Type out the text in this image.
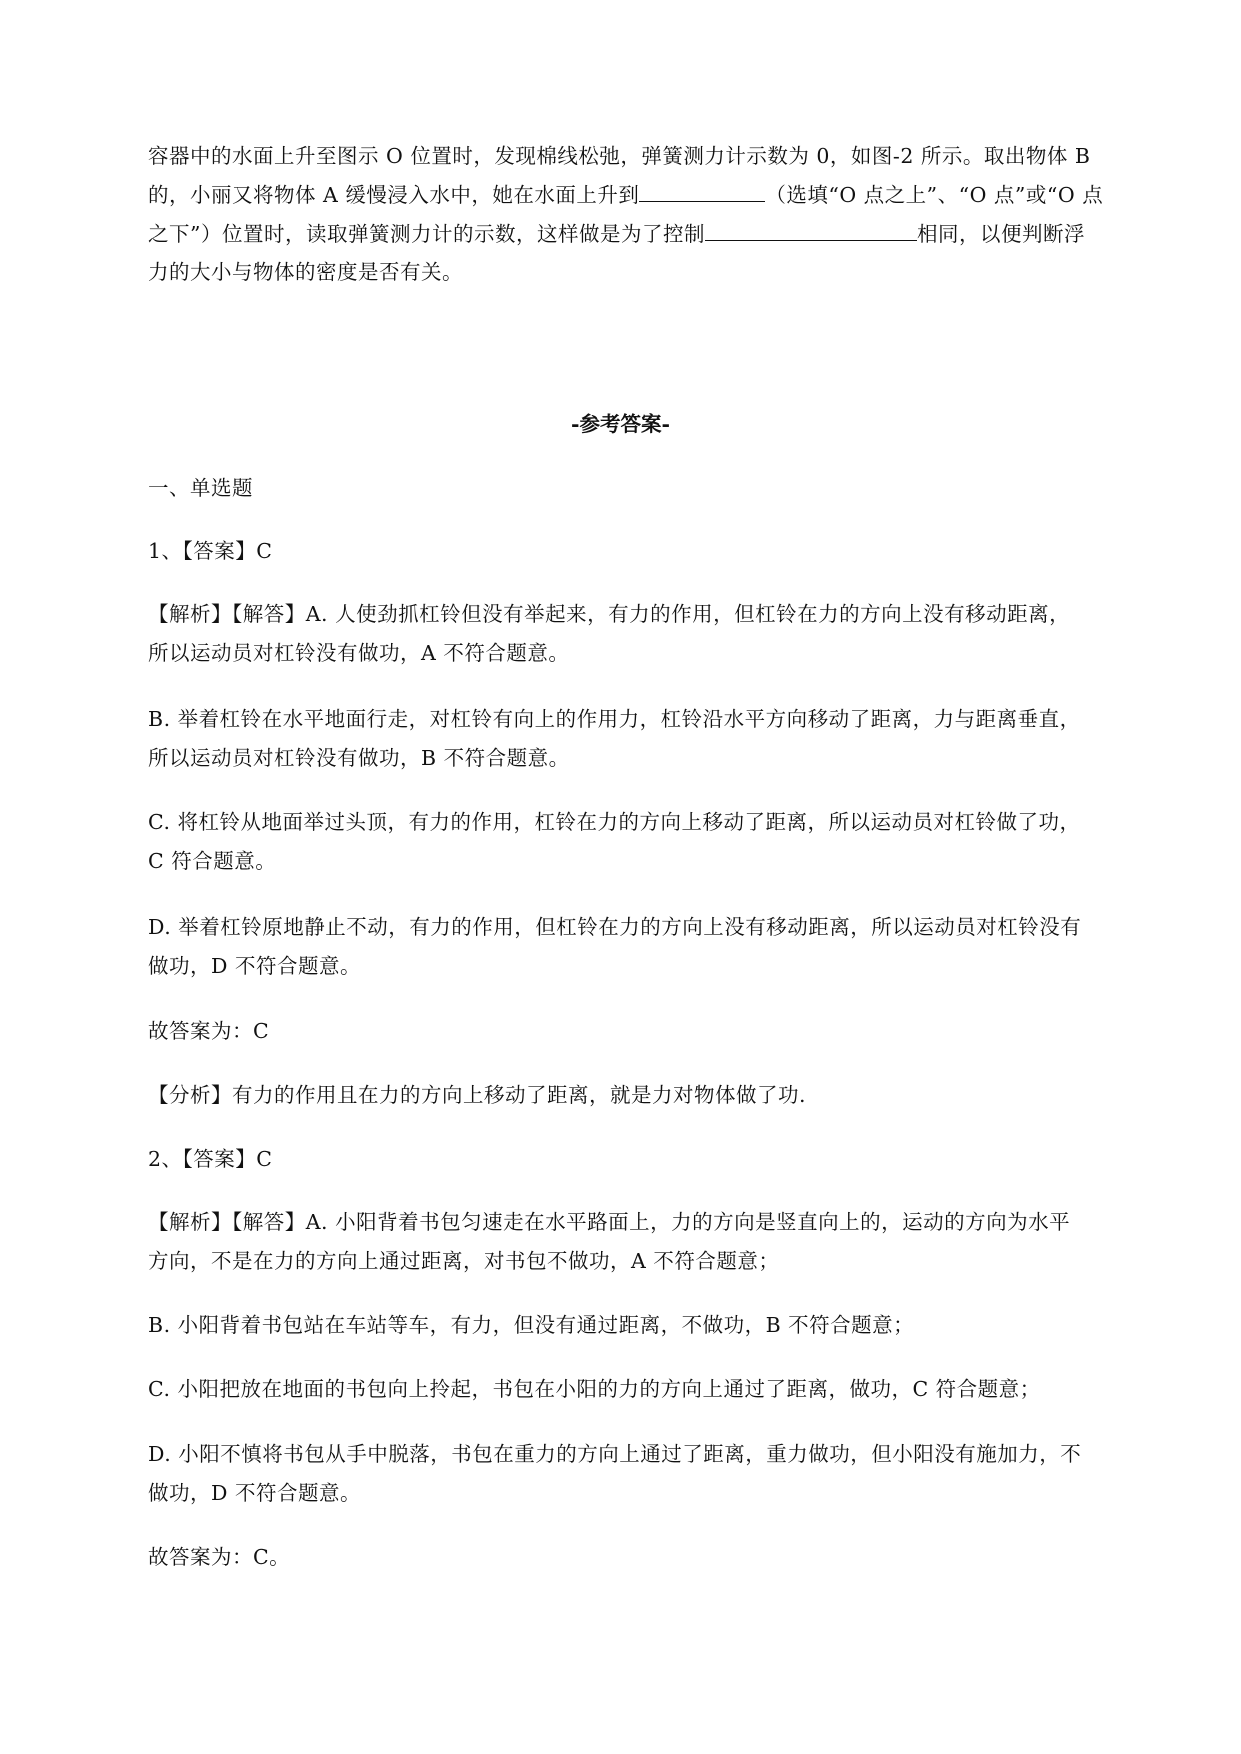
容器中的水面上升至图示 O 位置时，发现棉线松弛，弹簧测力计示数为 0，如图-2 所示。取出物体 B
的，小丽又将物体 A 缓慢浸入水中，她在水面上升到	（选填“O 点之上”、“O 点”或“O 点
之下”）位置时，读取弹簧测力计的示数，这样做是为了控制	相同，以便判断浮
力的大小与物体的密度是否有关。
-参考答案-
一、单选题
1、【答案】C
【解析】【解答】A. 人使劲抓杠铃但没有举起来，有力的作用，但杠铃在力的方向上没有移动距离，
所以运动员对杠铃没有做功，A 不符合题意。
B. 举着杠铃在水平地面行走，对杠铃有向上的作用力，杠铃沿水平方向移动了距离，力与距离垂直，
所以运动员对杠铃没有做功，B 不符合题意。
C. 将杠铃从地面举过头顶，有力的作用，杠铃在力的方向上移动了距离，所以运动员对杠铃做了功，
C 符合题意。
D. 举着杠铃原地静止不动，有力的作用，但杠铃在力的方向上没有移动距离，所以运动员对杠铃没有
做功，D 不符合题意。
故答案为：C
【分析】有力的作用且在力的方向上移动了距离，就是力对物体做了功.
2、【答案】C
【解析】【解答】A. 小阳背着书包匀速走在水平路面上，力的方向是竖直向上的，运动的方向为水平
方向，不是在力的方向上通过距离，对书包不做功，A 不符合题意；
B. 小阳背着书包站在车站等车，有力，但没有通过距离，不做功，B 不符合题意；
C. 小阳把放在地面的书包向上拎起，书包在小阳的力的方向上通过了距离，做功，C 符合题意；
D. 小阳不慎将书包从手中脱落，书包在重力的方向上通过了距离，重力做功，但小阳没有施加力，不
做功，D 不符合题意。
故答案为：C。
